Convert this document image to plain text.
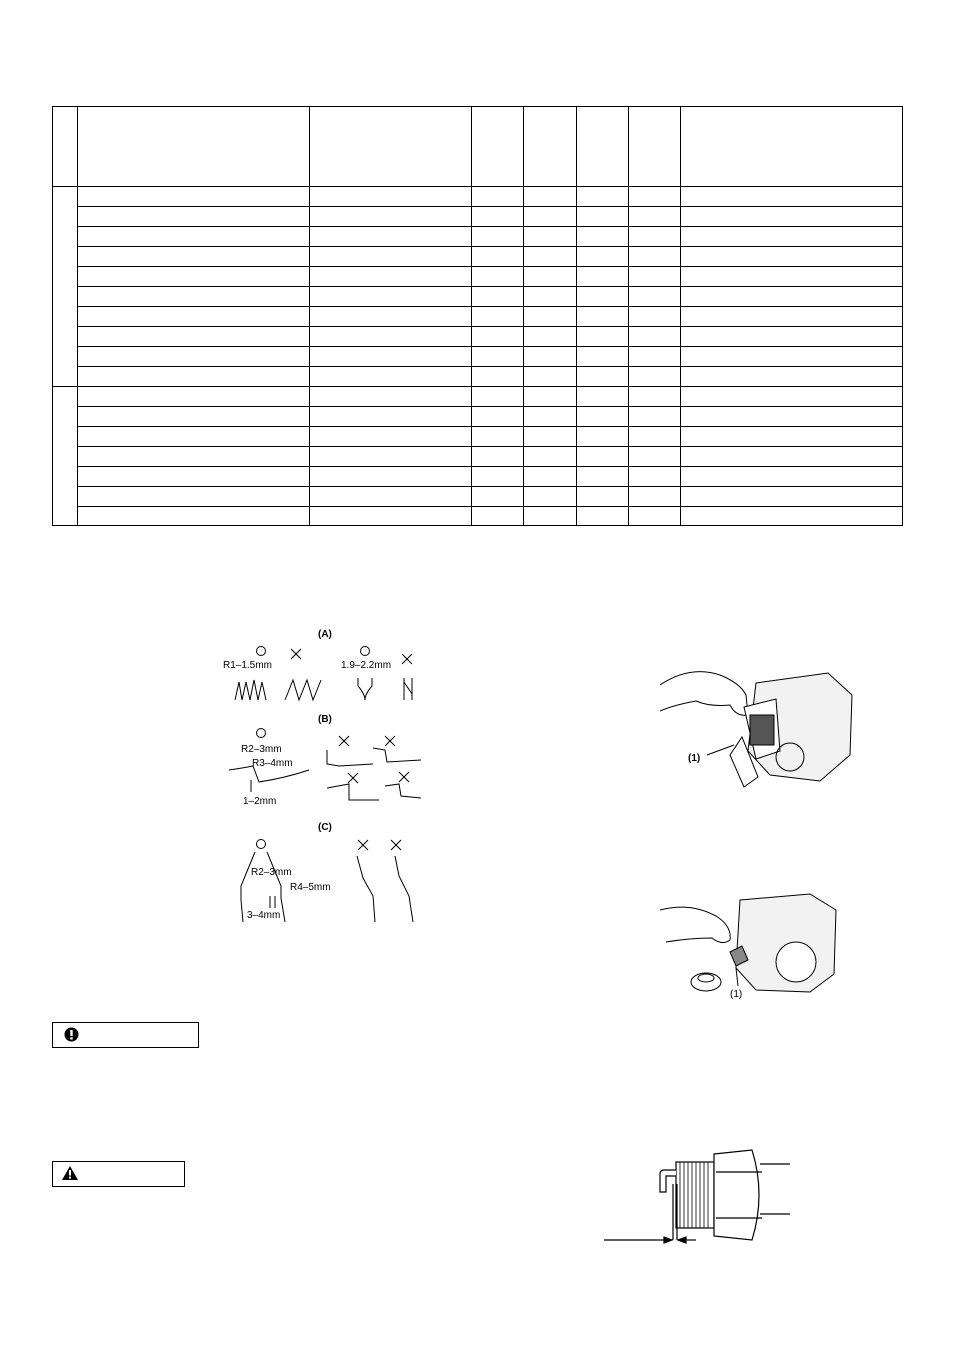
(A)
R1–1.5mm	1.9–2.2mm
(B)
R2–3mm
R3–4mm
1–2mm
(C)
R2–3mm
R4–5mm
3–4mm
(1)
(1)
